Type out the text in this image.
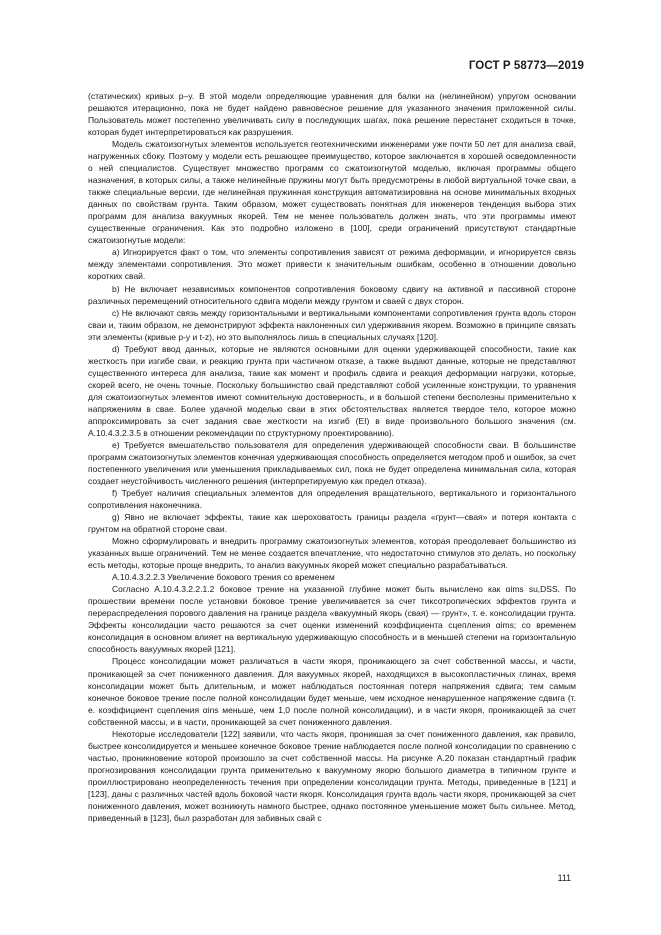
ГОСТ Р 58773—2019

(статических) кривых p–y. В этой модели определяющие уравнения для балки на (нелинейном) упругом основании решаются итерационно, пока не будет найдено равновесное решение для указанного значения приложенной силы. Пользователь может постепенно увеличивать силу в последующих шагах, пока решение перестанет сходиться в точке, которая будет интерпретироваться как разрушения.

Модель сжатоизогнутых элементов используется геотехническими инженерами уже почти 50 лет для анализа свай, нагруженных сбоку. Поэтому у модели есть решающее преимущество, которое заключается в хорошей осведомленности о ней специалистов. Существует множество программ со сжатоизогнутой моделью, включая программы общего назначения, в которых силы, а также нелинейные пружины могут быть предусмотрены в любой виртуальной точке сваи, а также специальные версии, где нелинейная пружинная конструкция автоматизирована на основе минимальных входных данных по свойствам грунта. Таким образом, может существовать понятная для инженеров тенденция выбора этих программ для анализа вакуумных якорей. Тем не менее пользователь должен знать, что эти программы имеют существенные ограничения. Как это подробно изложено в [100], среди ограничений присутствуют стандартные сжатоизогнутые модели:

a) Игнорируется факт о том, что элементы сопротивления зависят от режима деформации, и игнорируется связь между элементами сопротивления. Это может привести к значительным ошибкам, особенно в отношении довольно коротких свай.

b) Не включает независимых компонентов сопротивления боковому сдвигу на активной и пассивной стороне различных перемещений относительного сдвига модели между грунтом и сваей с двух сторон.

c) Не включают связь между горизонтальными и вертикальными компонентами сопротивления грунта вдоль сторон сваи и, таким образом, не демонстрируют эффекта наклоненных сил удерживания якорем. Возможно в принципе связать эти элементы (кривые p-y и t-z), но это выполнялось лишь в специальных случаях [120].

d) Требуют ввод данных, которые не являются основными для оценки удерживающей способности, такие как жесткость при изгибе сваи, и реакцию грунта при частичном отказе, а также выдают данные, которые не представляют существенного интереса для анализа, такие как момент и профиль сдвига и реакция деформации нагрузки, которые, скорей всего, не очень точные. Поскольку большинство свай представляют собой усиленные конструкции, то уравнения для сжатоизогнутых элементов имеют сомнительную достоверность, и в большой степени бесполезны применительно к напряжениям в свае. Более удачной моделью сваи в этих обстоятельствах является твердое тело, которое можно аппроксимировать за счет задания свае жесткости на изгиб (EI) в виде произвольного большого значения (см. А.10.4.3.2.3.5 в отношении рекомендации по структурному проектированию).

e) Требуется вмешательство пользователя для определения удерживающей способности сваи. В большинстве программ сжатоизогнутых элементов конечная удерживающая способность определяется методом проб и ошибок, за счет постепенного увеличения или уменьшения прикладываемых сил, пока не будет определена минимальная сила, которая создает неустойчивость численного решения (интерпретируемую как предел отказа).

f) Требует наличия специальных элементов для определения вращательного, вертикального и горизонтального сопротивления наконечника.

g) Явно не включает эффекты, такие как шероховатость границы раздела «грунт—свая» и потеря контакта с грунтом на обратной стороне сваи.

Можно сформулировать и внедрить программу сжатоизогнутых элементов, которая преодолевает большинство из указанных выше ограничений. Тем не менее создается впечатление, что недостаточно стимулов это делать, но поскольку есть методы, которые проще внедрить, то анализ вакуумных якорей может специально разрабатываться.

А.10.4.3.2.2.3 Увеличение бокового трения со временем

Согласно А.10.4.3.2.2.1.2 боковое трение на указанной глубине может быть вычислено как αims su,DSS. По прошествии времени после установки боковое трение увеличивается за счет тиксотропических эффектов грунта и перераспределения порового давления на границе раздела «вакуумный якорь (свая) — грунт», т. е. консолидации грунта. Эффекты консолидации часто решаются за счет оценки изменений коэффициента сцепления αims; со временем консолидация в основном влияет на вертикальную удерживающую способность и в меньшей степени на горизонтальную способность вакуумных якорей [121].

Процесс консолидации может различаться в части якоря, проникающего за счет собственной массы, и части, проникающей за счет пониженного давления. Для вакуумных якорей, находящихся в высокопластичных глинах, время консолидации может быть длительным, и может наблюдаться постоянная потеря напряжения сдвига; тем самым конечное боковое трение после полной консолидации будет меньше, чем исходное ненарушенное напряжение сдвига (т. е. коэффициент сцепления αins меньше, чем 1,0 после полной консолидации), и в части якоря, проникающей за счет собственной массы, и в части, проникающей за счет пониженного давления.

Некоторые исследователи [122] заявили, что часть якоря, проникшая за счет пониженного давления, как правило, быстрее консолидируется и меньшее конечное боковое трение наблюдается после полной консолидации по сравнению с частью, проникновение которой произошло за счет собственной массы. На рисунке А.20 показан стандартный график прогнозирования консолидации грунта применительно к вакуумному якорю большого диаметра в типичном грунте и проиллюстрировано неопределенность течения при определении консолидации грунта. Методы, приведенные в [121] и [123], даны с различных частей вдоль боковой части якоря. Консолидация грунта вдоль части якоря, проникающей за счет пониженного давления, может возникнуть намного быстрее, однако постоянное уменьшение может быть сильнее. Метод, приведенный в [123], был разработан для забивных свай с

111
